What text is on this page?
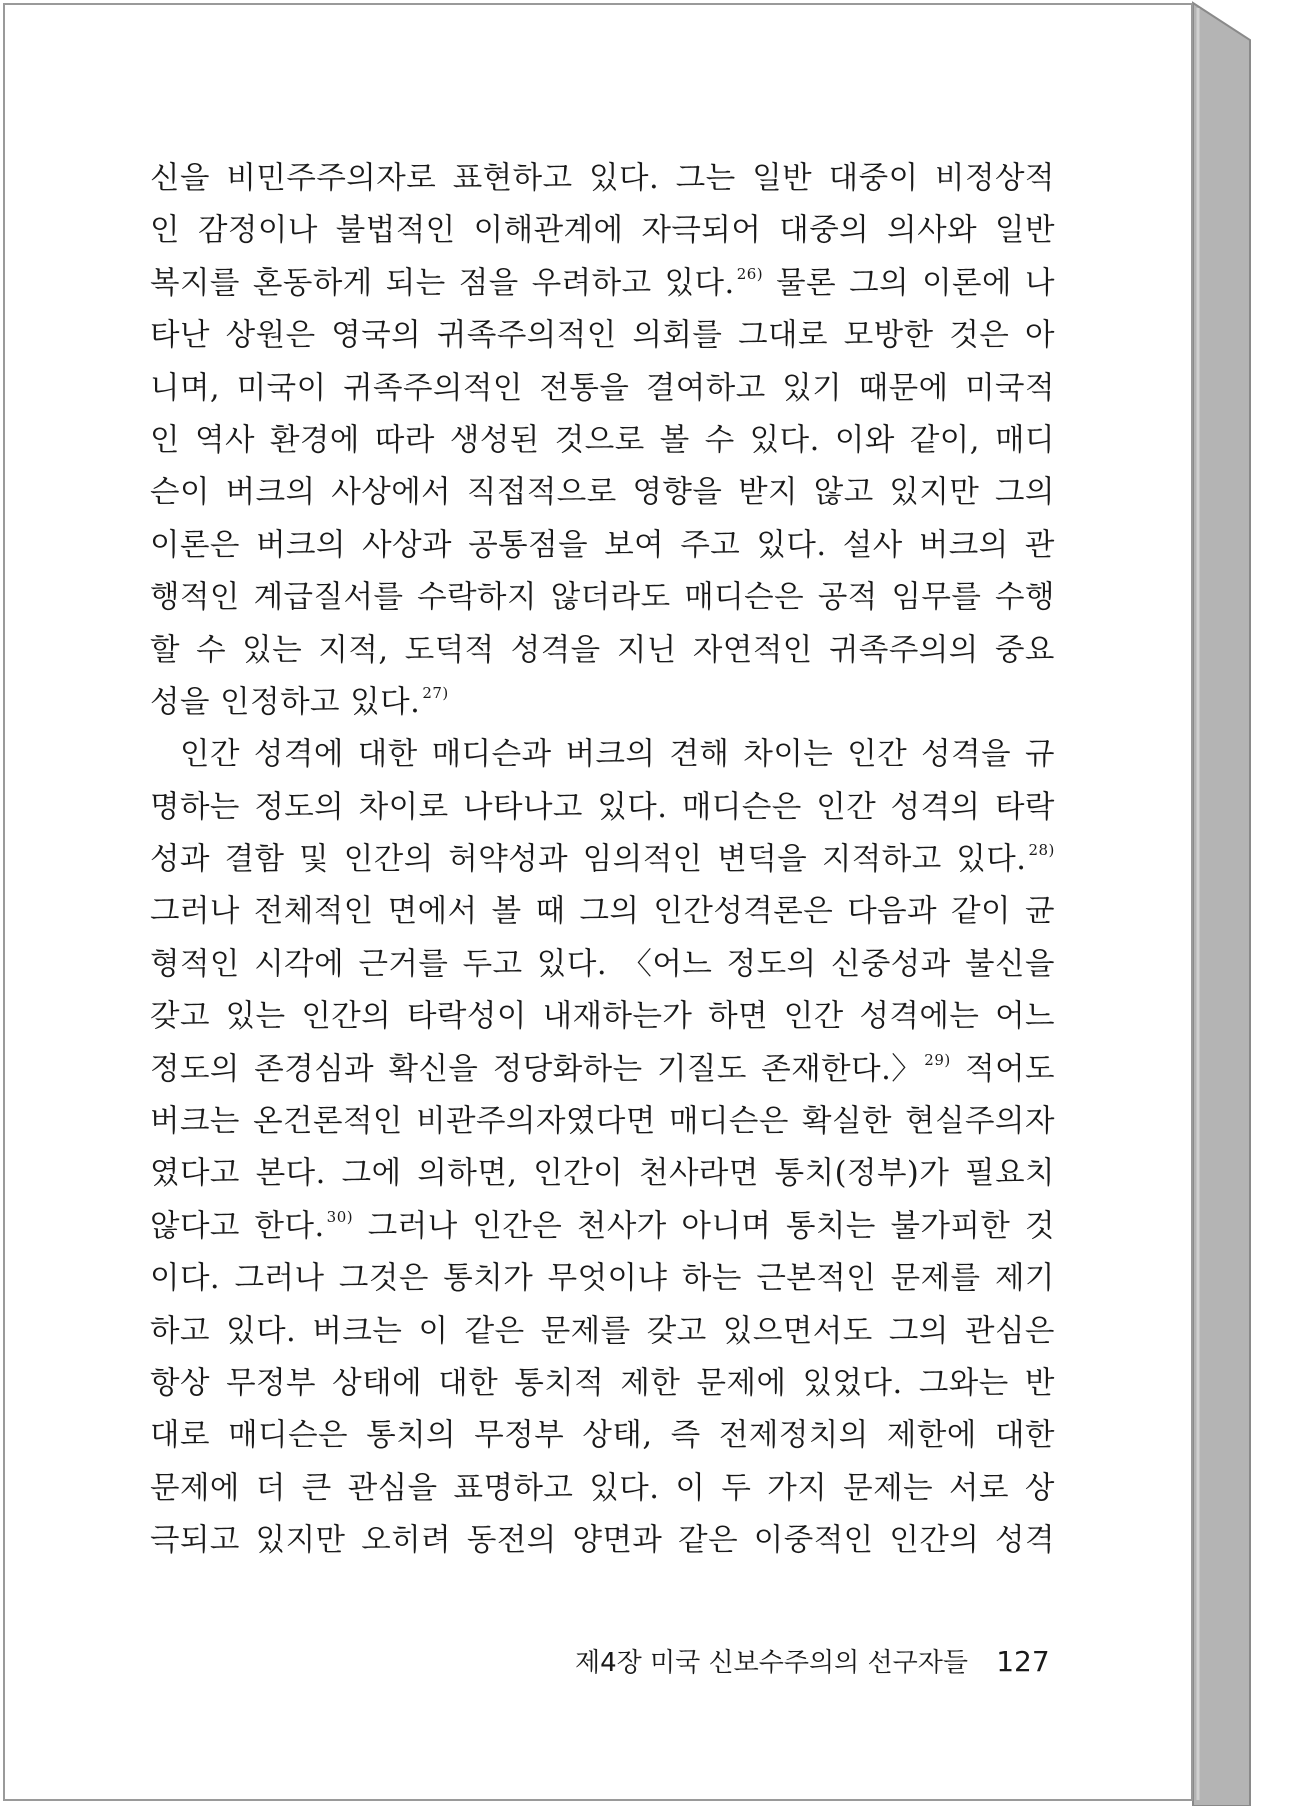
신을 비민주주의자로 표현하고 있다. 그는 일반 대중이 비정상적
인 감정이나 불법적인 이해관계에 자극되어 대중의 의사와 일반
복지를 혼동하게 되는 점을 우려하고 있다. $^{26)}$ 물론 그의 이론에 나
타난 상원은 영국의 귀족주의적인 의회를 그대로 모방한 것은 아
니며, 미국이 귀족주의적인 전통을 결여하고 있기 때문에 미국적
인 역사 환경에 따라 생성된 것으로 볼 수 있다. 이와 같이, 매디
슨이 버크의 사상에서 직접적으로 영향을 받지 않고 있지만 그의
이론은 버크의 사상과 공통점을 보여 주고 있다. 설사 버크의 관
행적인 계급질서를 수락하지 않더라도 매디슨은 공적 임무를 수행
할 수 있는 지적, 도덕적 성격을 지닌 자연적인 귀족주의의 중요
성을
인정하고
있다. $^{27)}$
인간 성격에 대한 매디슨과 버크의 견해 차이는 인간 성격을 규
명하는 정도의 차이로 나타나고 있다. 매디슨은 인간 성격의 타락
성과 결함 및 인간의 허약성과 임의적인 변덕을 지적하고 있다. $^{28)}$
그러나 전체적인 면에서 볼 때 그의 인간성격론은 다음과 같이 균
형적인 시각에 근거를 두고 있다. 〈어느 정도의 신중성과 불신을
갖고 있는 인간의 타락성이 내재하는가 하면 인간 성격에는 어느
정도의 존경심과 확신을 정당화하는 기질도 존재한다.〉 $^{29)}$ 적어도
버크는 온건론적인 비관주의자였다면 매디슨은 확실한 현실주의자
였다고 본다. 그에 의하면, 인간이 천사라면 통치(정부)가 필요치
않다고 한다. $^{30)}$ 그러나 인간은 천사가 아니며 통치는 불가피한 것
이다. 그러나 그것은 통치가 무엇이냐 하는 근본적인 문제를 제기
하고 있다. 버크는 이 같은 문제를 갖고 있으면서도 그의 관심은
항상 무정부 상태에 대한 통치적 제한 문제에 있었다. 그와는 반
대로 매디슨은 통치의 무정부 상태, 즉 전제정치의 제한에 대한
문제에 더 큰 관심을 표명하고 있다. 이 두 가지 문제는 서로 상
극되고 있지만 오히려 동전의 양면과 같은 이중적인 인간의 성격
제4장 미국 신보수주의의 선구자들 127
